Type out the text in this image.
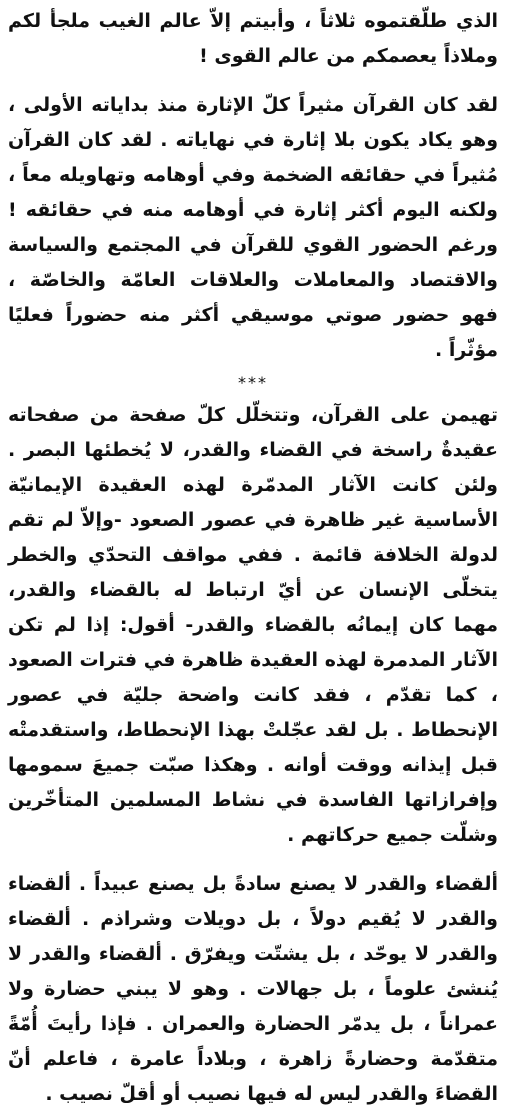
الذي طلّقتموه ثلاثاً ، وأبيتم إلاّ عالم الغيب ملجأ لكم وملاذاً يعصمكم من عالم القوى !

لقد كان القرآن مثيراً كلّ الإثارة منذ بداياته الأولى ، وهو يكاد يكون بلا إثارة في نهاياته . لقد كان القرآن مُثيراً في حقائقه الضخمة وفي أوهامه وتهاويله معاً ، ولكنه اليوم أكثر إثارة في أوهامه منه في حقائقه ! ورغم الحضور القوي للقرآن في المجتمع والسياسة والاقتصاد والمعاملات والعلاقات العامّة والخاصّة ، فهو حضور صوتي موسيقي أكثر منه حضوراً فعليًا مؤثّراً .

***

تهيمن على القرآن، وتتخلّل كلّ صفحة من صفحاته عقيدةٌ راسخة في القضاء والقدر، لا يُخطئها البصر . ولئن كانت الآثار المدمّرة لهذه العقيدة الإيمانيّة الأساسية غير ظاهرة في عصور الصعود -وإلاّ لم تقم لدولة الخلافة قائمة . ففي مواقف التحدّي والخطر يتخلّى الإنسان عن أيّ ارتباط له بالقضاء والقدر، مهما كان إيمانُه بالقضاء والقدر- أقول: إذا لم تكن الآثار المدمرة لهذه العقيدة ظاهرة في فترات الصعود ، كما تقدّم ، فقد كانت واضحة جليّة في عصور الإنحطاط . بل لقد عجّلتْ بهذا الإنحطاط، واستقدمتْه قبل إيذانه ووقت أوانه . وهكذا صبّت جميعَ سمومها وإفرازاتها الفاسدة في نشاط المسلمين المتأخّرين وشلّت جميع حركاتهم .

ألقضاء والقدر لا يصنع سادةً بل يصنع عبيداً . ألقضاء والقدر لا يُقيم دولاً ، بل دويلات وشراذم . ألقضاء والقدر لا يوحّد ، بل يشتّت ويفرّق . ألقضاء والقدر لا يُنشئ علوماً ، بل جهالات . وهو لا يبني حضارة ولا عمراناً ، بل يدمّر الحضارة والعمران . فإذا رأيتَ أُمّةً متقدّمة وحضارةً زاهرة ، وبلاداً عامرة ، فاعلم أنّ القضاءَ والقدر ليس له فيها نصيب أو أقلّ نصيب .
